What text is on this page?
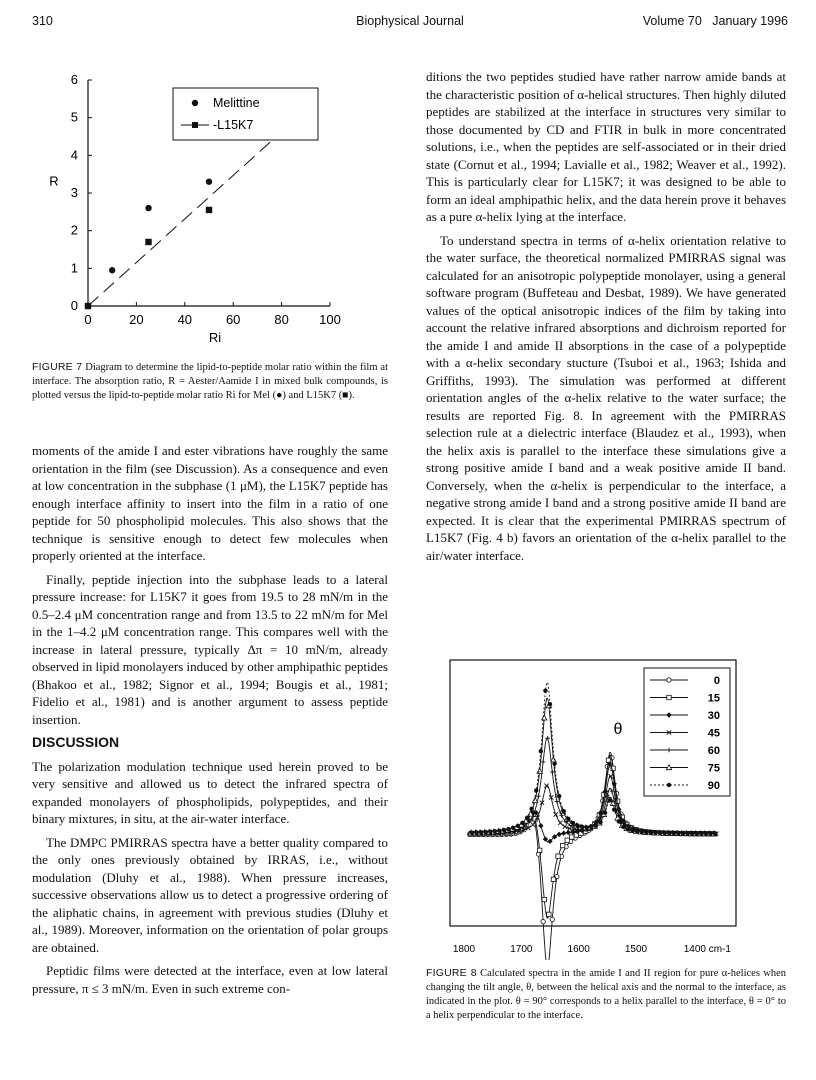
310	Biophysical Journal	Volume 70   January 1996
0	20	40	60	80 100
0
1
2
3
4
5
6
Ri
R
Melittine
-L15K7
FIGURE 7 Diagram to determine the lipid-to-peptide molar ratio within the film at interface. The absorption ratio, R = Aester/Aamide I in mixed bulk compounds, is plotted versus the lipid-to-peptide molar ratio Ri for Mel (●) and L15K7 (■).

moments of the amide I and ester vibrations have roughly the same orientation in the film (see Discussion). As a consequence and even at low concentration in the subphase (1 μM), the L15K7 peptide has enough interface affinity to insert into the film in a ratio of one peptide for 50 phospholipid molecules. This also shows that the technique is sensitive enough to detect few molecules when properly oriented at the interface.

Finally, peptide injection into the subphase leads to a lateral pressure increase: for L15K7 it goes from 19.5 to 28 mN/m in the 0.5–2.4 μM concentration range and from 13.5 to 22 mN/m for Mel in the 1–4.2 μM concentration range. This compares well with the increase in lateral pressure, typically Δπ = 10 mN/m, already observed in lipid monolayers induced by other amphipathic peptides (Bhakoo et al., 1982; Signor et al., 1994; Bougis et al., 1981; Fidelio et al., 1981) and is another argument to assess peptide insertion.

DISCUSSION

The polarization modulation technique used herein proved to be very sensitive and allowed us to detect the infrared spectra of expanded monolayers of phospholipids, polypeptides, and their binary mixtures, in situ, at the air-water interface.

The DMPC PMIRRAS spectra have a better quality compared to the only ones previously obtained by IRRAS, i.e., without modulation (Dluhy et al., 1988). When pressure increases, successive observations allow us to detect a progressive ordering of the aliphatic chains, in agreement with previous studies (Dluhy et al., 1989). Moreover, information on the orientation of polar groups are obtained.

Peptidic films were detected at the interface, even at low lateral pressure, π ≤ 3 mN/m. Even in such extreme con-

ditions the two peptides studied have rather narrow amide bands at the characteristic position of α-helical structures. Then highly diluted peptides are stabilized at the interface in structures very similar to those documented by CD and FTIR in bulk in more concentrated solutions, i.e., when the peptides are self-associated or in their dried state (Cornut et al., 1994; Lavialle et al., 1982; Weaver et al., 1992). This is particularly clear for L15K7; it was designed to be able to form an ideal amphipathic helix, and the data herein prove it behaves as a pure α-helix lying at the interface.

To understand spectra in terms of α-helix orientation relative to the water surface, the theoretical normalized PMIRRAS signal was calculated for an anisotropic polypeptide monolayer, using a general software program (Buffeteau and Desbat, 1989). We have generated values of the optical anisotropic indices of the film by taking into account the relative infrared absorptions and dichroism reported for the amide I and amide II absorptions in the case of a polypeptide with a α-helix secondary stucture (Tsuboi et al., 1963; Ishida and Griffiths, 1993). The simulation was performed at different orientation angles of the α-helix relative to the water surface; the results are reported Fig. 8. In agreement with the PMIRRAS selection rule at a dielectric interface (Blaudez et al., 1993), when the helix axis is parallel to the interface these simulations give a strong positive amide I band and a weak positive amide II band. Conversely, when the α-helix is perpendicular to the interface, a negative strong amide I band and a strong positive amide II band are expected. It is clear that the experimental PMIRRAS spectrum of L15K7 (Fig. 4 b) favors an orientation of the α-helix parallel to the air/water interface.

1800	1700	1600	1500	1400 cm-1
0
15
30
45
60
75
90
θ
FIGURE 8 Calculated spectra in the amide I and II region for pure α-helices when changing the tilt angle, θ, between the helical axis and the normal to the interface, as indicated in the plot. θ = 90° corresponds to a helix parallel to the interface, θ = 0° to a helix perpendicular to the interface.
